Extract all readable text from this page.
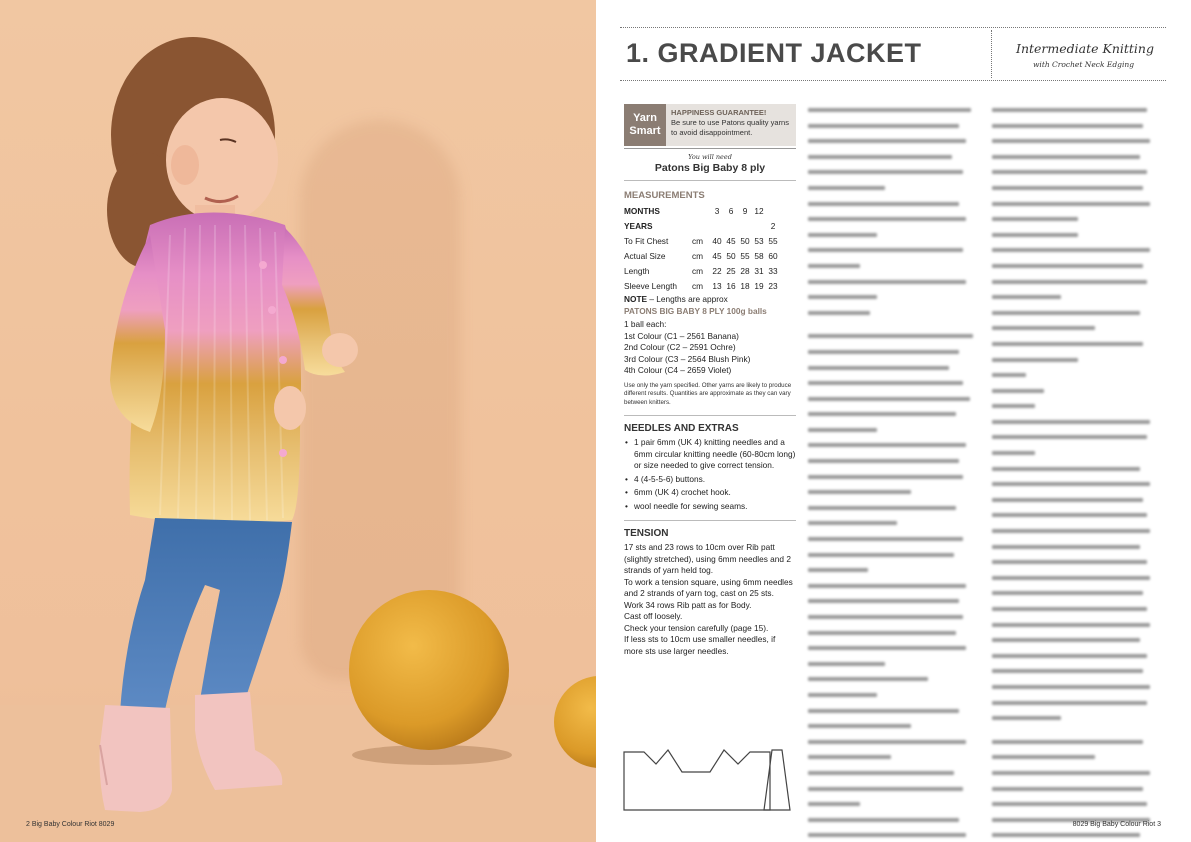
2 Big Baby Colour Riot 8029
1. GRADIENT JACKET	Intermediate Knitting
with Crochet Neck Edging
Yarn
Smart
HAPPINESS GUARANTEE!
Be sure to use Patons quality yarns to avoid disappointment.
You will need
Patons Big Baby 8 ply
MEASUREMENTS
MONTHS		3	6	9	12	
YEARS						2
To Fit Chest	cm	40	45	50	53	55
Actual Size	cm	45	50	55	58	60
Length	cm	22	25	28	31	33
Sleeve Length	cm	13	16	18	19	23
NOTE – Lengths are approx
PATONS BIG BABY 8 PLY 100g balls
1 ball each:
1st Colour (C1 – 2561 Banana)
2nd Colour (C2 – 2591 Ochre)
3rd Colour (C3 – 2564 Blush Pink)
4th Colour (C4 – 2659 Violet)
Use only the yarn specified. Other yarns are likely to produce different results. Quantities are approximate as they can vary between knitters.
NEEDLES AND EXTRAS
• 1 pair 6mm (UK 4) knitting needles and a 6mm circular knitting needle (60-80cm long) or size needed to give correct tension.
• 4 (4-5-5-6) buttons.
• 6mm (UK 4) crochet hook.
• wool needle for sewing seams.
TENSION
17 sts and 23 rows to 10cm over Rib patt (slightly stretched), using 6mm needles and 2 strands of yarn held tog.
To work a tension square, using 6mm needles and 2 strands of yarn tog, cast on 25 sts.
Work 34 rows Rib patt as for Body.
Cast off loosely.
Check your tension carefully (page 15).
If less sts to 10cm use smaller needles, if more sts use larger needles.
8029 Big Baby Colour Riot 3
